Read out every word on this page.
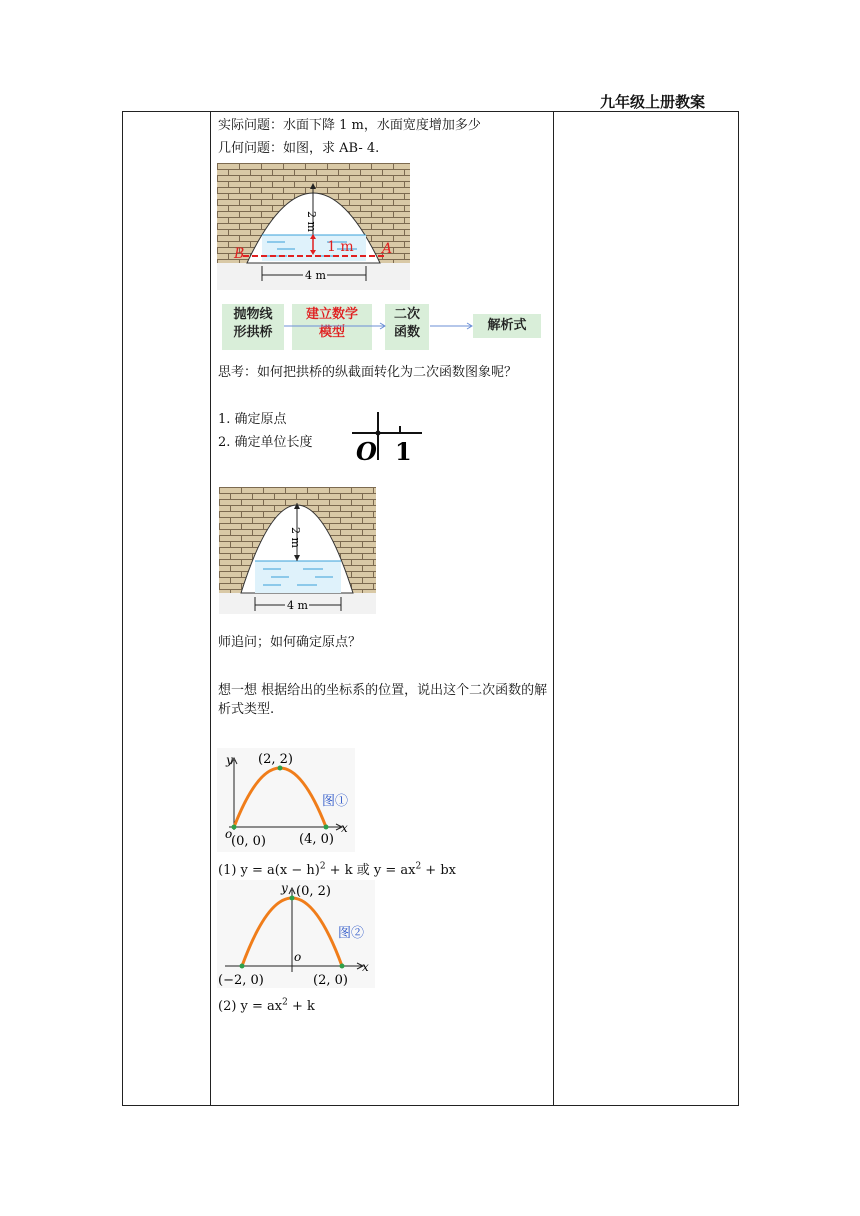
九年级上册教案
实际问题：水面下降 1 m，水面宽度增加多少
几何问题：如图，求 AB- 4.
2 m
1 m
B	A
4 m
抛物线
形拱桥
建立数学
模型
二次
函数	解析式
思考：如何把拱桥的纵截面转化为二次函数图象呢？
1. 确定原点
2. 确定单位长度 O 1
2 m
4 m
师追问；如何确定原点？
想一想 根据给出的坐标系的位置，说出这个二次函数的解析式类型.
y
x
o
(2, 2)
(0, 0)	(4, 0)
图①
(1) $y = a(x - h)^2 + k$ 或 $y = ax^2$ + bx
y
x
o
(0, 2)
(−2, 0)	(2, 0)
图②
(2) $y = ax^2 + k$
